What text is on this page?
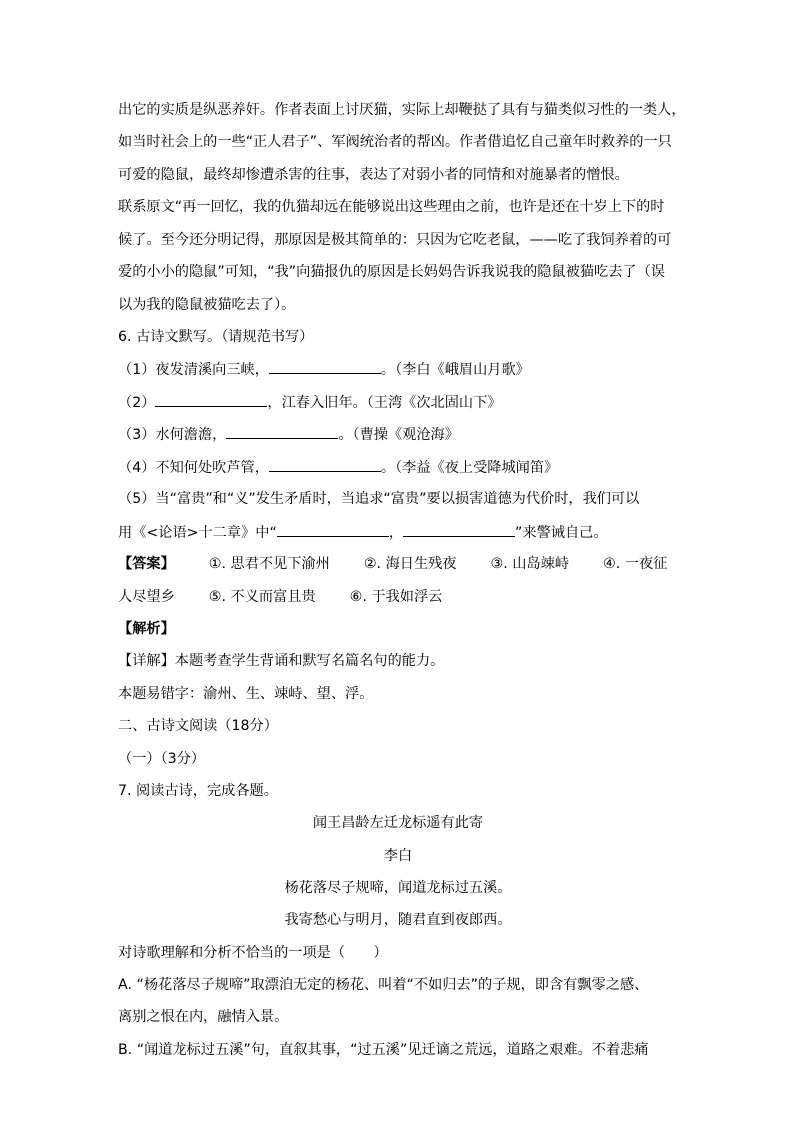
出它的实质是纵恶养奸。作者表面上讨厌猫，实际上却鞭挞了具有与猫类似习性的一类人，
如当时社会上的一些“正人君子”、军阀统治者的帮凶。作者借追忆自己童年时救养的一只
可爱的隐鼠，最终却惨遭杀害的往事，表达了对弱小者的同情和对施暴者的憎恨。
联系原文“再一回忆，我的仇猫却远在能够说出这些理由之前，也许是还在十岁上下的时
候了。至今还分明记得，那原因是极其简单的：只因为它吃老鼠，——吃了我饲养着的可
爱的小小的隐鼠”可知，“我”向猫报仇的原因是长妈妈告诉我说我的隐鼠被猫吃去了（误
以为我的隐鼠被猫吃去了）。
6. 古诗文默写。（请规范书写）
（1）夜发清溪向三峡，	。（李白《峨眉山月歌》
（2）	，江春入旧年。（王湾《次北固山下》
（3）水何澹澹，	。（曹操《观沧海》
（4）不知何处吹芦管，	。（李益《夜上受降城闻笛》
（5）当“富贵”和“义”发生矛盾时，当追求“富贵”要以损害道德为代价时，我们可以
用《<论语>十二章》中“	，	”来警诫自己。
【答案】 ①. 思君不见下渝州 ②. 海日生残夜 ③. 山岛竦峙 ④. 一夜征
人尽望乡 ⑤. 不义而富且贵 ⑥. 于我如浮云
【解析】
【详解】本题考查学生背诵和默写名篇名句的能力。
本题易错字：渝州、生、竦峙、望、浮。
二、古诗文阅读（18分）
（一）（3分）
7. 阅读古诗，完成各题。
闻王昌龄左迁龙标遥有此寄
李白
杨花落尽子规啼，闻道龙标过五溪。
我寄愁心与明月，随君直到夜郎西。
对诗歌理解和分析不恰当的一项是（　　）
A. “杨花落尽子规啼”取漂泊无定的杨花、叫着“不如归去”的子规，即含有飘零之感、
离别之恨在内，融情入景。
B. “闻道龙标过五溪”句，直叙其事，“过五溪”见迁谪之荒远，道路之艰难。不着悲痛
